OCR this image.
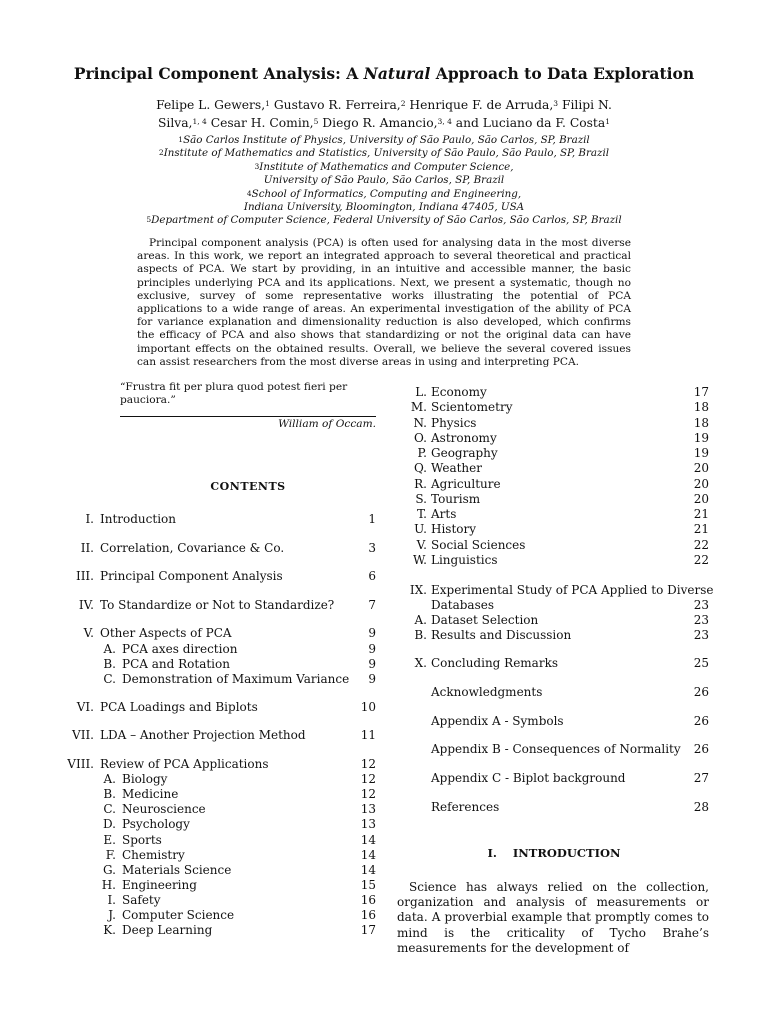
Principal Component Analysis: A Natural Approach to Data Exploration
Felipe L. Gewers,$^1$ Gustavo R. Ferreira,$^2$ Henrique F. de Arruda,$^3$ Filipi N.
Silva,$^{1, 4}$ Cesar H. Comin,$^5$ Diego R. Amancio,$^{3, 4}$ and Luciano da F. Costa$^1$
$^1$São Carlos Institute of Physics, University of São Paulo, São Carlos, SP, Brazil
$^2$Institute of Mathematics and Statistics, University of São Paulo, São Paulo, SP, Brazil
$^3$Institute of Mathematics and Computer Science,
University of São Paulo, São Carlos, SP, Brazil
$^4$School of Informatics, Computing and Engineering,
Indiana University, Bloomington, Indiana 47405, USA
$^5$Department of Computer Science, Federal University of São Carlos, São Carlos, SP, Brazil
Principal component analysis (PCA) is often used for analysing data in the most diverse areas. In this work, we report an integrated approach to several theoretical and practical aspects of PCA. We start by providing, in an intuitive and accessible manner, the basic principles underlying PCA and its applications. Next, we present a systematic, though no exclusive, survey of some representative works illustrating the potential of PCA applications to a wide range of areas. An experimental investigation of the ability of PCA for variance explanation and dimensionality reduction is also developed, which confirms the efficacy of PCA and also shows that standardizing or not the original data can have important effects on the obtained results. Overall, we believe the several covered issues can assist researchers from the most diverse areas in using and interpreting PCA.
“Frustra fit per plura quod potest fieri per pauciora.”
William of Occam.
CONTENTS
I. Introduction	1
II. Correlation, Covariance & Co.	3
III. Principal Component Analysis	6
IV. To Standardize or Not to Standardize?	7
V. Other Aspects of PCA	9
A. PCA axes direction	9
B. PCA and Rotation	9
C. Demonstration of Maximum Variance	9
VI. PCA Loadings and Biplots	10
VII. LDA – Another Projection Method	11
VIII. Review of PCA Applications	12
A. Biology	12
B. Medicine	12
C. Neuroscience	13
D. Psychology	13
E. Sports	14
F. Chemistry	14
G. Materials Science	14
H. Engineering	15
I. Safety	16
J. Computer Science	16
K. Deep Learning	17
L. Economy	17
M. Scientometry	18
N. Physics	18
O. Astronomy	19
P. Geography	19
Q. Weather	20
R. Agriculture	20
S. Tourism	20
T. Arts	21
U. History	21
V. Social Sciences	22
W. Linguistics	22
IX. Experimental Study of PCA Applied to Diverse
Databases	23
A. Dataset Selection	23
B. Results and Discussion	23
X. Concluding Remarks	25
Acknowledgments	26
Appendix A - Symbols	26
Appendix B - Consequences of Normality	26
Appendix C - Biplot background	27
References	28
I.    INTRODUCTION
Science has always relied on the collection, organization and analysis of measurements or data. A proverbial example that promptly comes to mind is the criticality of Tycho Brahe’s measurements for the development of
